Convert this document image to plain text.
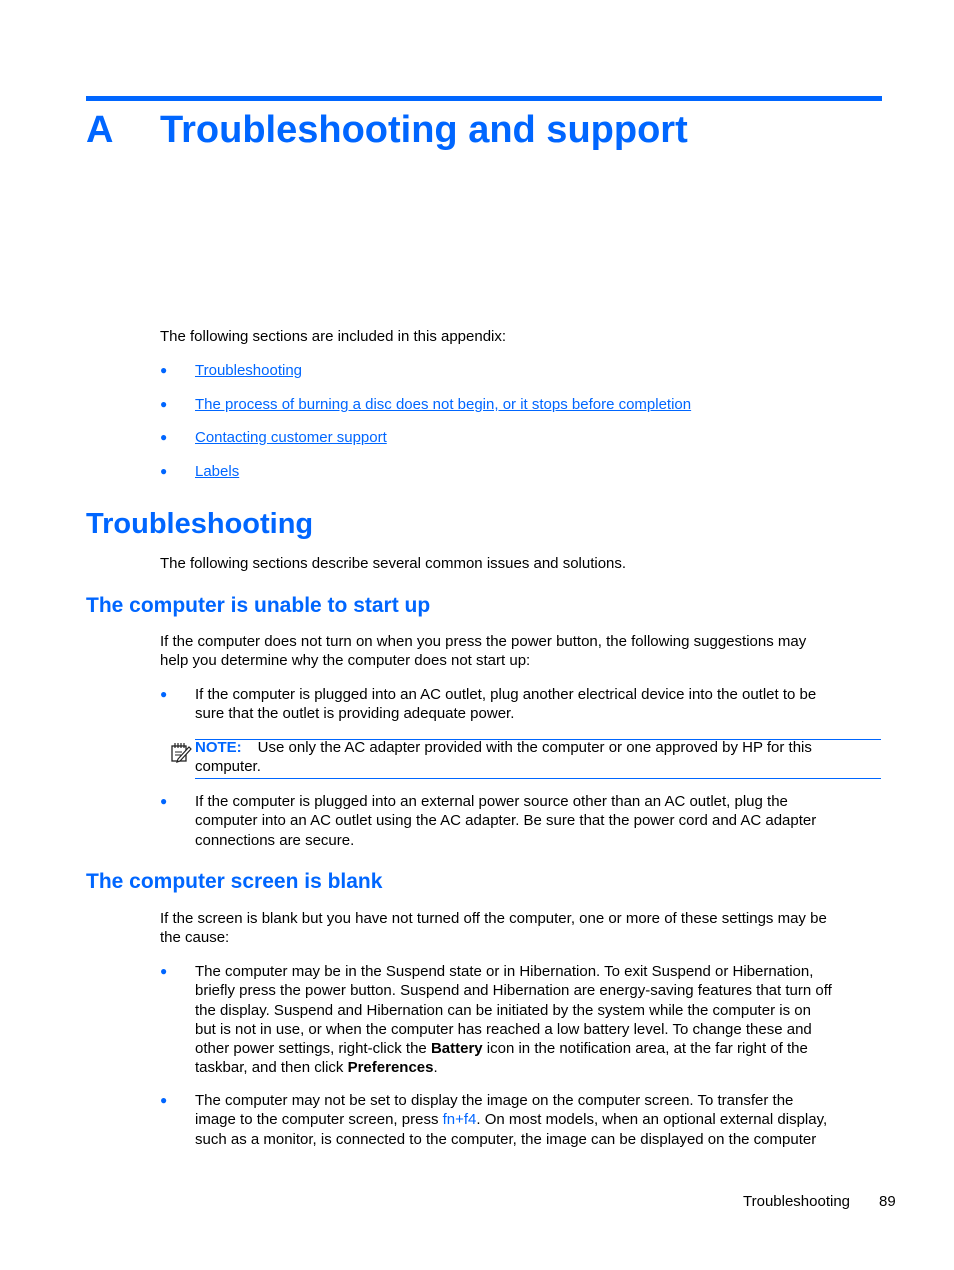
A Troubleshooting and support
The following sections are included in this appendix:
● Troubleshooting
● The process of burning a disc does not begin, or it stops before completion
● Contacting customer support
● Labels
Troubleshooting
The following sections describe several common issues and solutions.
The computer is unable to start up
If the computer does not turn on when you press the power button, the following suggestions may
help you determine why the computer does not start up:
● If the computer is plugged into an AC outlet, plug another electrical device into the outlet to be
sure that the outlet is providing adequate power.
NOTE: Use only the AC adapter provided with the computer or one approved by HP for this
computer.
● If the computer is plugged into an external power source other than an AC outlet, plug the
computer into an AC outlet using the AC adapter. Be sure that the power cord and AC adapter
connections are secure.
The computer screen is blank
If the screen is blank but you have not turned off the computer, one or more of these settings may be
the cause:
● The computer may be in the Suspend state or in Hibernation. To exit Suspend or Hibernation,
briefly press the power button. Suspend and Hibernation are energy-saving features that turn off
the display. Suspend and Hibernation can be initiated by the system while the computer is on
but is not in use, or when the computer has reached a low battery level. To change these and
other power settings, right-click the Battery icon in the notification area, at the far right of the
taskbar, and then click Preferences.
● The computer may not be set to display the image on the computer screen. To transfer the
image to the computer screen, press fn+f4. On most models, when an optional external display,
such as a monitor, is connected to the computer, the image can be displayed on the computer
Troubleshooting 89
